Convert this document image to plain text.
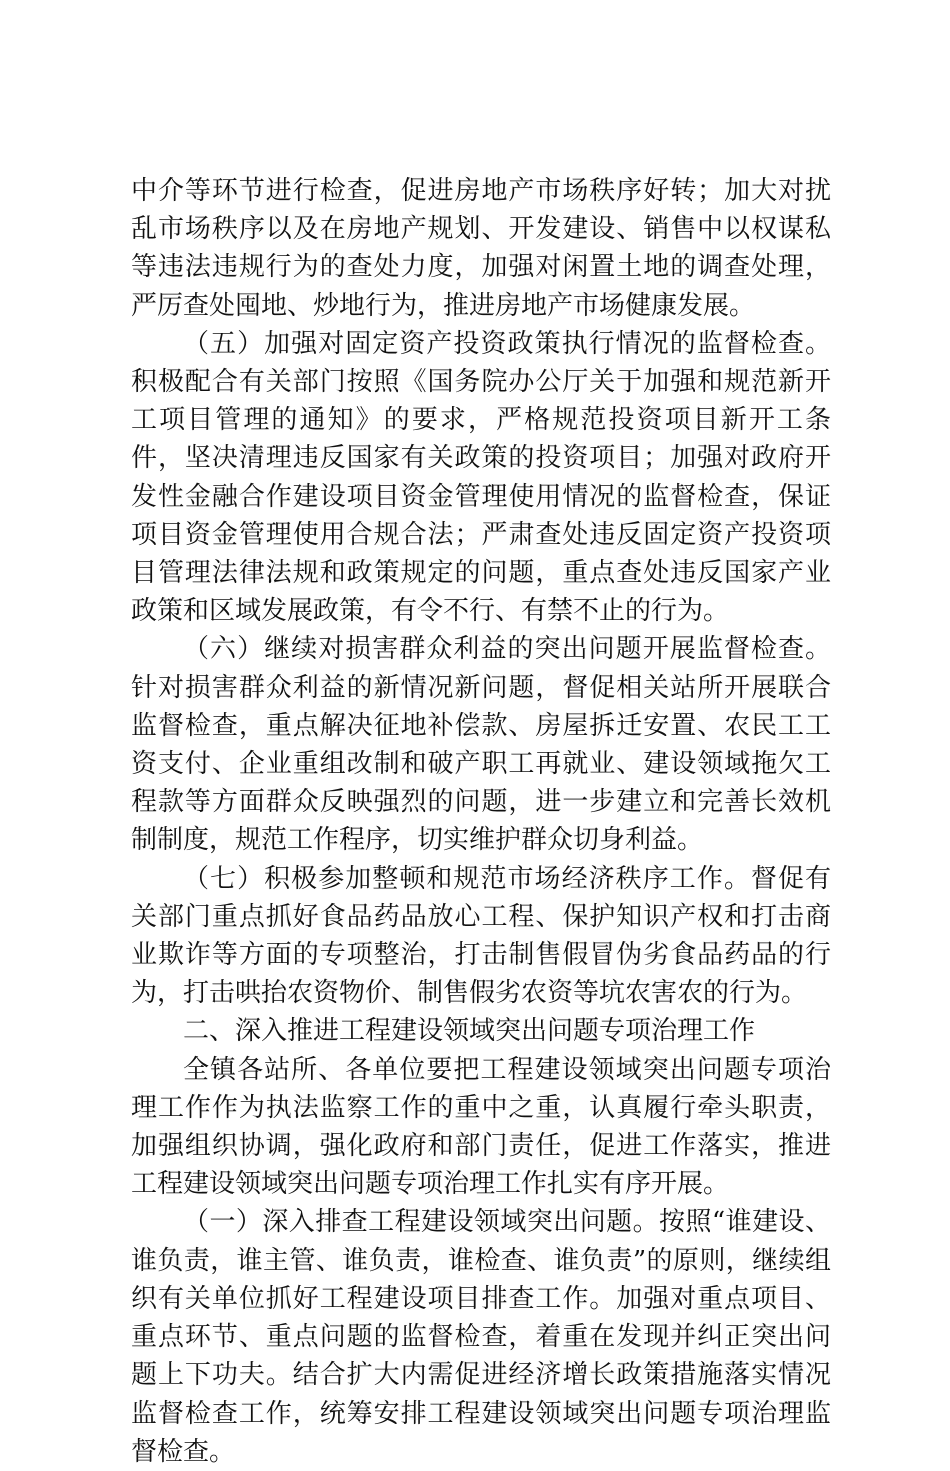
中介等环节进行检查，促进房地产市场秩序好转；加大对扰乱市场秩序以及在房地产规划、开发建设、销售中以权谋私等违法违规行为的查处力度，加强对闲置土地的调查处理，严厉查处囤地、炒地行为，推进房地产市场健康发展。

（五）加强对固定资产投资政策执行情况的监督检查。积极配合有关部门按照《国务院办公厅关于加强和规范新开工项目管理的通知》的要求，严格规范投资项目新开工条件，坚决清理违反国家有关政策的投资项目；加强对政府开发性金融合作建设项目资金管理使用情况的监督检查，保证项目资金管理使用合规合法；严肃查处违反固定资产投资项目管理法律法规和政策规定的问题，重点查处违反国家产业政策和区域发展政策，有令不行、有禁不止的行为。

（六）继续对损害群众利益的突出问题开展监督检查。针对损害群众利益的新情况新问题，督促相关站所开展联合监督检查，重点解决征地补偿款、房屋拆迁安置、农民工工资支付、企业重组改制和破产职工再就业、建设领域拖欠工程款等方面群众反映强烈的问题，进一步建立和完善长效机制制度，规范工作程序，切实维护群众切身利益。

（七）积极参加整顿和规范市场经济秩序工作。督促有关部门重点抓好食品药品放心工程、保护知识产权和打击商业欺诈等方面的专项整治，打击制售假冒伪劣食品药品的行为，打击哄抬农资物价、制售假劣农资等坑农害农的行为。

二、深入推进工程建设领域突出问题专项治理工作

全镇各站所、各单位要把工程建设领域突出问题专项治理工作作为执法监察工作的重中之重，认真履行牵头职责，加强组织协调，强化政府和部门责任，促进工作落实，推进工程建设领域突出问题专项治理工作扎实有序开展。

（一）深入排查工程建设领域突出问题。按照“谁建设、谁负责，谁主管、谁负责，谁检查、谁负责”的原则，继续组织有关单位抓好工程建设项目排查工作。加强对重点项目、重点环节、重点问题的监督检查，着重在发现并纠正突出问题上下功夫。结合扩大内需促进经济增长政策措施落实情况监督检查工作，统筹安排工程建设领域突出问题专项治理监督检查。
